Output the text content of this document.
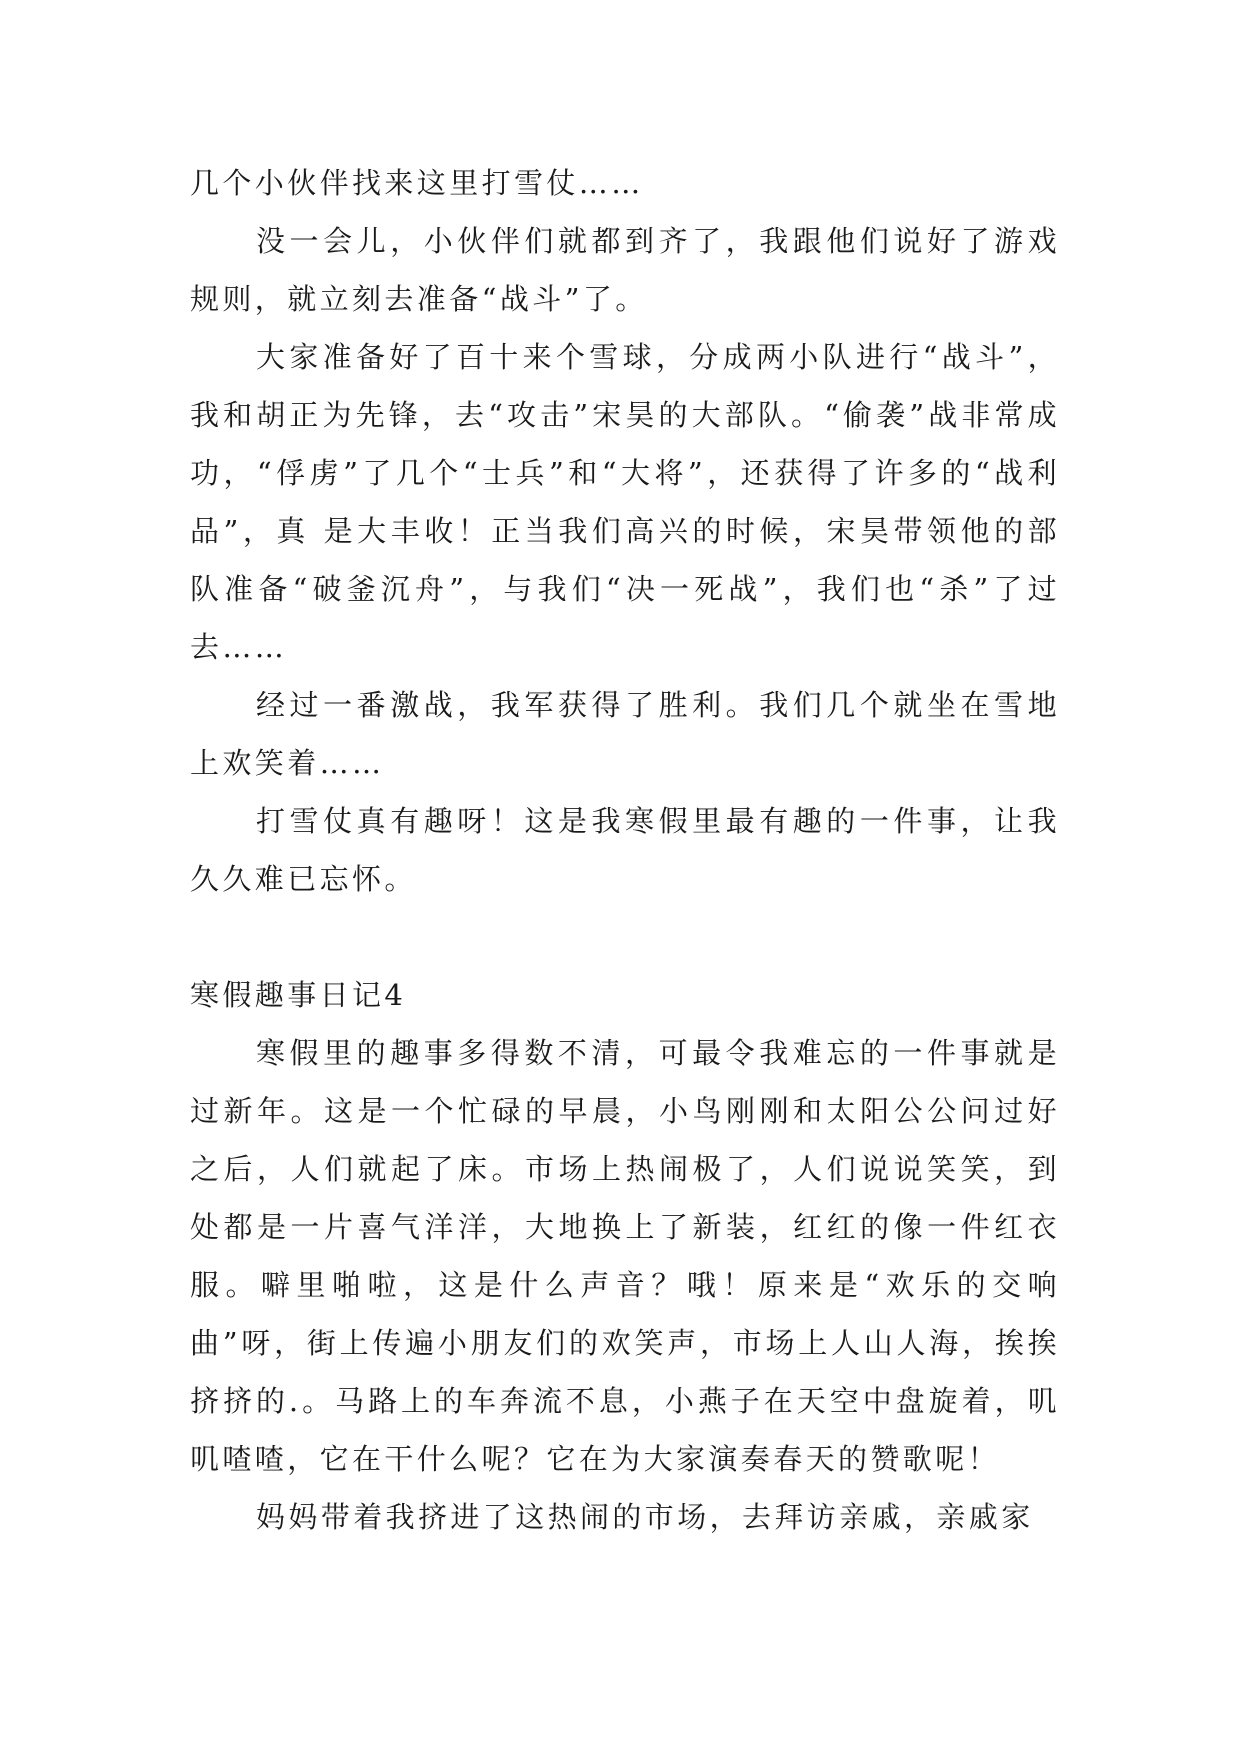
几个小伙伴找来这里打雪仗……

没一会儿，小伙伴们就都到齐了，我跟他们说好了游戏规则，就立刻去准备“战斗”了。

大家准备好了百十来个雪球，分成两小队进行“战斗”，我和胡正为先锋，去“攻击”宋昊的大部队。“偷袭”战非常成功，“俘虏”了几个“士兵”和“大将”，还获得了许多的“战利品”，真 是大丰收！正当我们高兴的时候，宋昊带领他的部队准备“破釜沉舟”，与我们“决一死战”，我们也“杀”了过去……

经过一番激战，我军获得了胜利。我们几个就坐在雪地上欢笑着……

打雪仗真有趣呀！这是我寒假里最有趣的一件事，让我久久难已忘怀。

寒假趣事日记4

寒假里的趣事多得数不清，可最令我难忘的一件事就是过新年。这是一个忙碌的早晨，小鸟刚刚和太阳公公问过好之后，人们就起了床。市场上热闹极了，人们说说笑笑，到处都是一片喜气洋洋，大地换上了新装，红红的像一件红衣服。噼里啪啦，这是什么声音？哦！原来是“欢乐的交响曲”呀，街上传遍小朋友们的欢笑声，市场上人山人海，挨挨挤挤的.。马路上的车奔流不息，小燕子在天空中盘旋着，叽叽喳喳，它在干什么呢？它在为大家演奏春天的赞歌呢！

妈妈带着我挤进了这热闹的市场，去拜访亲戚，亲戚家
